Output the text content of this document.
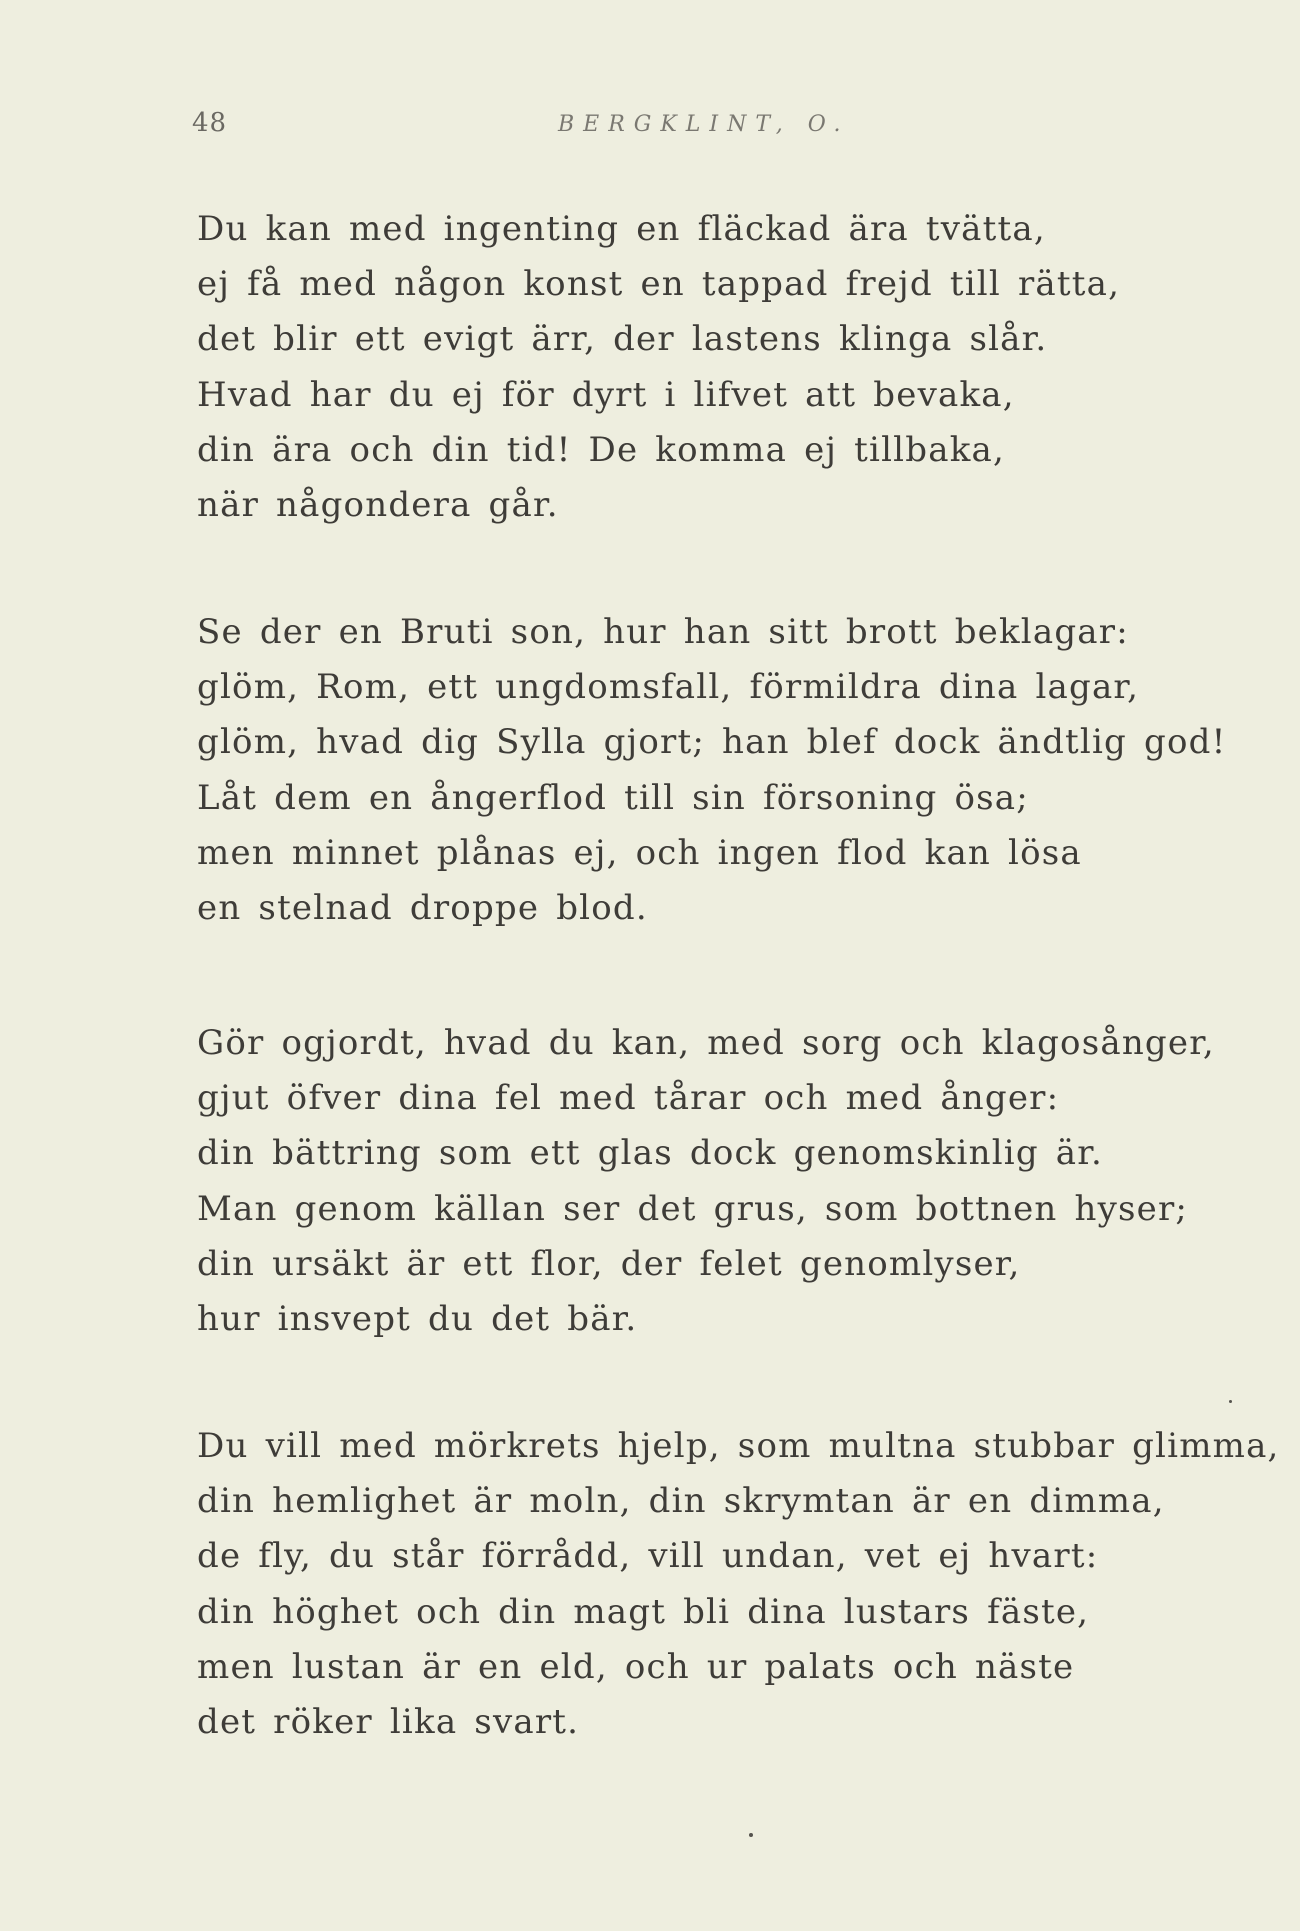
48	BERGKLINT, O.
Du kan med ingenting en fläckad ära tvätta,
ej få med någon konst en tappad frejd till rätta,
det blir ett evigt ärr, der lastens klinga slår.
Hvad har du ej för dyrt i lifvet att bevaka,
din ära och din tid! De komma ej tillbaka,
när någondera går.
Se der en Bruti son, hur han sitt brott beklagar:
glöm, Rom, ett ungdomsfall, förmildra dina lagar,
glöm, hvad dig Sylla gjort; han blef dock ändtlig god!
Låt dem en ångerflod till sin försoning ösa;
men minnet plånas ej, och ingen flod kan lösa
en stelnad droppe blod.
Gör ogjordt, hvad du kan, med sorg och klagosånger,
gjut öfver dina fel med tårar och med ånger:
din bättring som ett glas dock genomskinlig är.
Man genom källan ser det grus, som bottnen hyser;
din ursäkt är ett flor, der felet genomlyser,
hur insvept du det bär.
Du vill med mörkrets hjelp, som multna stubbar glimma,
din hemlighet är moln, din skrymtan är en dimma,
de fly, du står förrådd, vill undan, vet ej hvart:
din höghet och din magt bli dina lustars fäste,
men lustan är en eld, och ur palats och näste
det röker lika svart.
